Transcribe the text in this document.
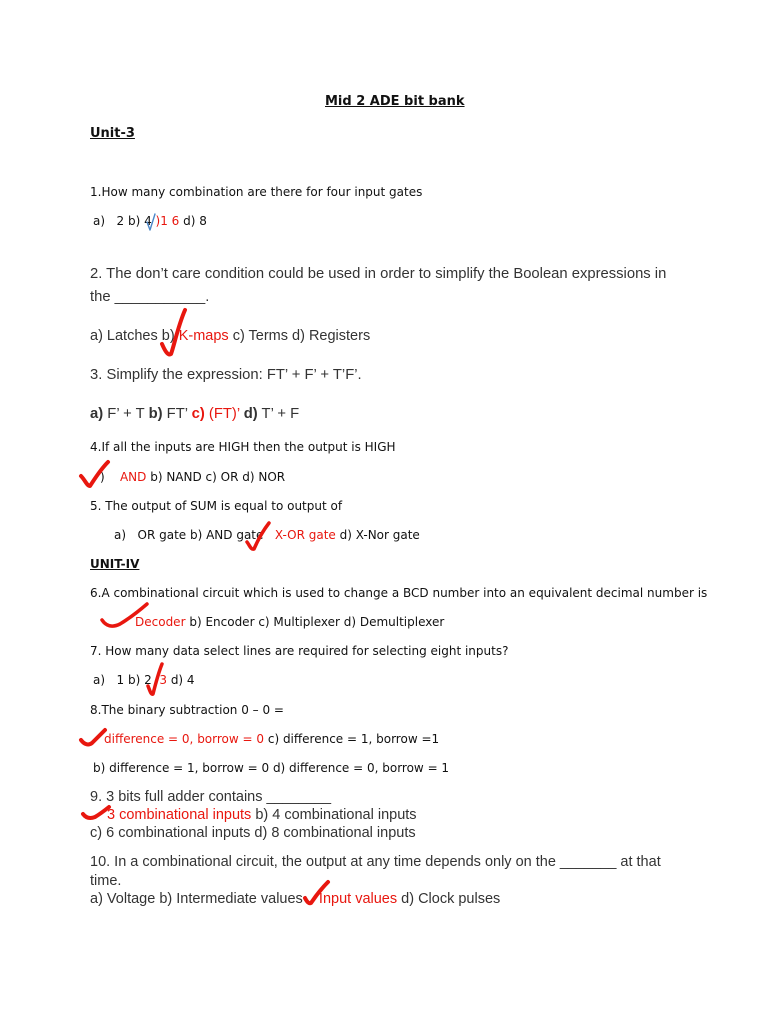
Mid 2 ADE bit bank
Unit-3
1.How many combination are there for four input gates
a) 2 b) 4 )1 6 d) 8
2. The don’t care condition could be used in order to simplify the Boolean expressions in
the ___________.
a) Latches b) K-maps c) Terms d) Registers
3. Simplify the expression: FT’ + F’ + T’F’.
a) F’ + T b) FT’ c) (FT)’ d) T’ + F
4.If all the inputs are HIGH then the output is HIGH
) AND b) NAND c) OR d) NOR
5. The output of SUM is equal to output of
a) OR gate b) AND gate X-OR gate d) X-Nor gate
UNIT-IV
6.A combinational circuit which is used to change a BCD number into an equivalent decimal number is
Decoder b) Encoder c) Multiplexer d) Demultiplexer
7. How many data select lines are required for selecting eight inputs?
a) 1 b) 2 3 d) 4
8.The binary subtraction 0 – 0 =
difference = 0, borrow = 0 c) difference = 1, borrow =1
b) difference = 1, borrow = 0 d) difference = 0, borrow = 1
9. 3 bits full adder contains ________
3 combinational inputs b) 4 combinational inputs
c) 6 combinational inputs d) 8 combinational inputs
10. In a combinational circuit, the output at any time depends only on the _______ at that
time.
a) Voltage b) Intermediate values Input values d) Clock pulses
